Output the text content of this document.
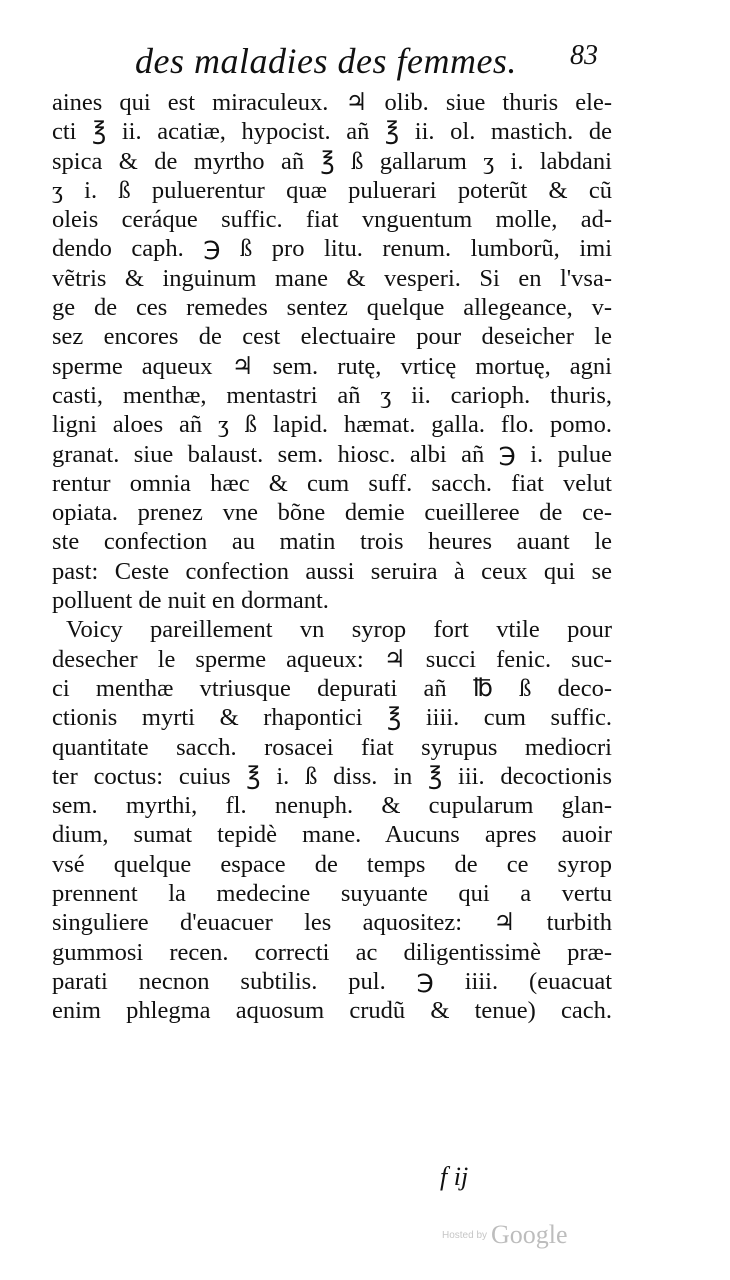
des maladies des femmes. 83
aines qui est miraculeux. ♃ olib. siue thuris ele-
cti ℥ ii. acatiæ, hypocist. añ ℥ ii. ol. mastich. de
spica & de myrtho añ ℥ ß gallarum ʒ i. labdani
ʒ i. ß puluerentur quæ puluerari poterũt & cũ
oleis ceráque suffic. fiat vnguentum molle, ad-
dendo caph. ℈ ß pro litu. renum. lumborũ, imi
vẽtris & inguinum mane & vesperi. Si en l'vsa-
ge de ces remedes sentez quelque allegeance, v-
sez encores de cest electuaire pour deseicher le
sperme aqueux ♃ sem. rutę, vrticę mortuę, agni
casti, menthæ, mentastri añ ʒ ii. carioph. thuris,
ligni aloes añ ʒ ß lapid. hæmat. galla. flo. pomo.
granat. siue balaust. sem. hiosc. albi añ ℈ i. pulue
rentur omnia hæc & cum suff. sacch. fiat velut
opiata. prenez vne bõne demie cueilleree de ce-
ste confection au matin trois heures auant le
past: Ceste confection aussi seruira à ceux qui se
polluent de nuit en dormant.
Voicy pareillement vn syrop fort vtile pour
desecher le sperme aqueux: ♃ succi fenic. suc-
ci menthæ vtriusque depurati añ ℔ ß deco-
ctionis myrti & rhapontici ℥ iiii. cum suffic.
quantitate sacch. rosacei fiat syrupus mediocri
ter coctus: cuius ℥ i. ß diss. in ℥ iii. decoctionis
sem. myrthi, fl. nenuph. & cupularum glan-
dium, sumat tepidè mane. Aucuns apres auoir
vsé quelque espace de temps de ce syrop
prennent la medecine suyuante qui a vertu
singuliere d'euacuer les aquositez: ♃ turbith
gummosi recen. correcti ac diligentissimè præ-
parati necnon subtilis. pul. ℈ iiii. (euacuat
enim phlegma aquosum crudũ & tenue) cach.
f ij
Hosted by Google
